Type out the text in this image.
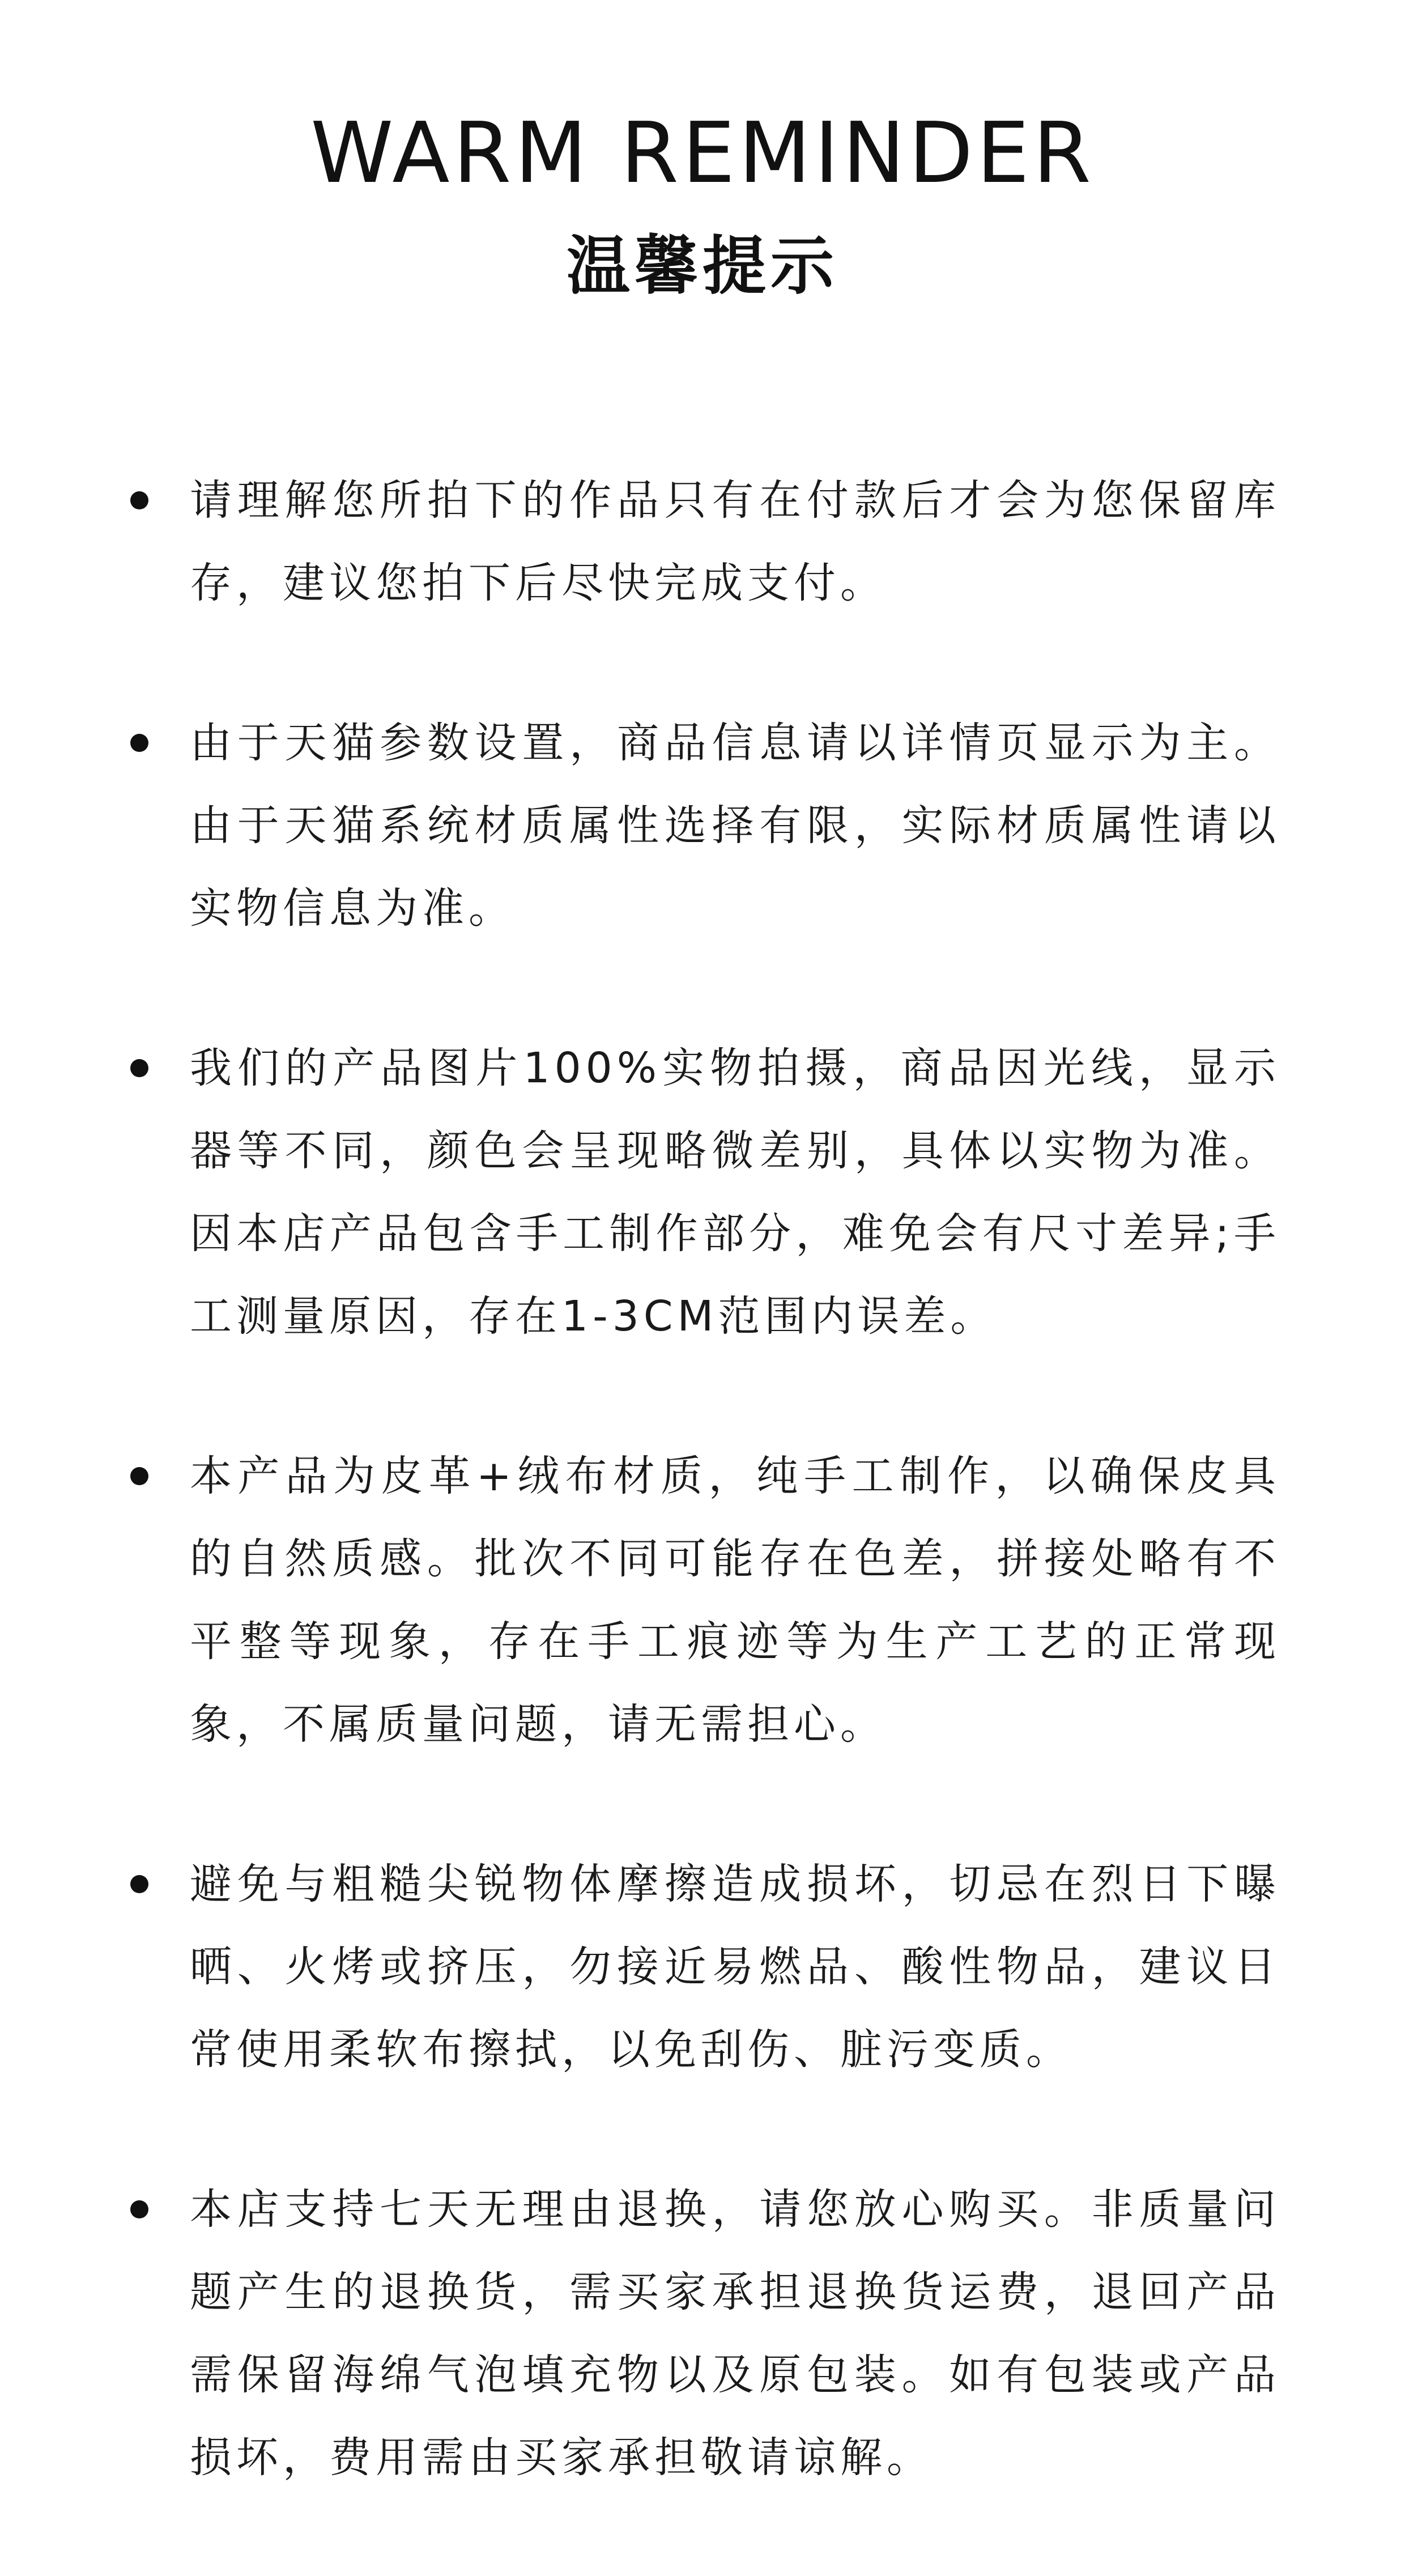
WARM REMINDER
温馨提示
请理解您所拍下的作品只有在付款后才会为您保留库存，建议您拍下后尽快完成支付。
由于天猫参数设置，商品信息请以详情页显示为主。由于天猫系统材质属性选择有限，实际材质属性请以实物信息为准。
我们的产品图片100%实物拍摄，商品因光线，显示器等不同，颜色会呈现略微差别，具体以实物为准。因本店产品包含手工制作部分，难免会有尺寸差异;手工测量原因，存在1-3CM范围内误差。
本产品为皮革+绒布材质，纯手工制作，以确保皮具的自然质感。批次不同可能存在色差，拼接处略有不平整等现象，存在手工痕迹等为生产工艺的正常现象，不属质量问题，请无需担心。
避免与粗糙尖锐物体摩擦造成损坏，切忌在烈日下曝晒、火烤或挤压，勿接近易燃品、酸性物品，建议日常使用柔软布擦拭，以免刮伤、脏污变质。
本店支持七天无理由退换，请您放心购买。非质量问题产生的退换货，需买家承担退换货运费，退回产品需保留海绵气泡填充物以及原包装。如有包装或产品损坏，费用需由买家承担敬请谅解。
